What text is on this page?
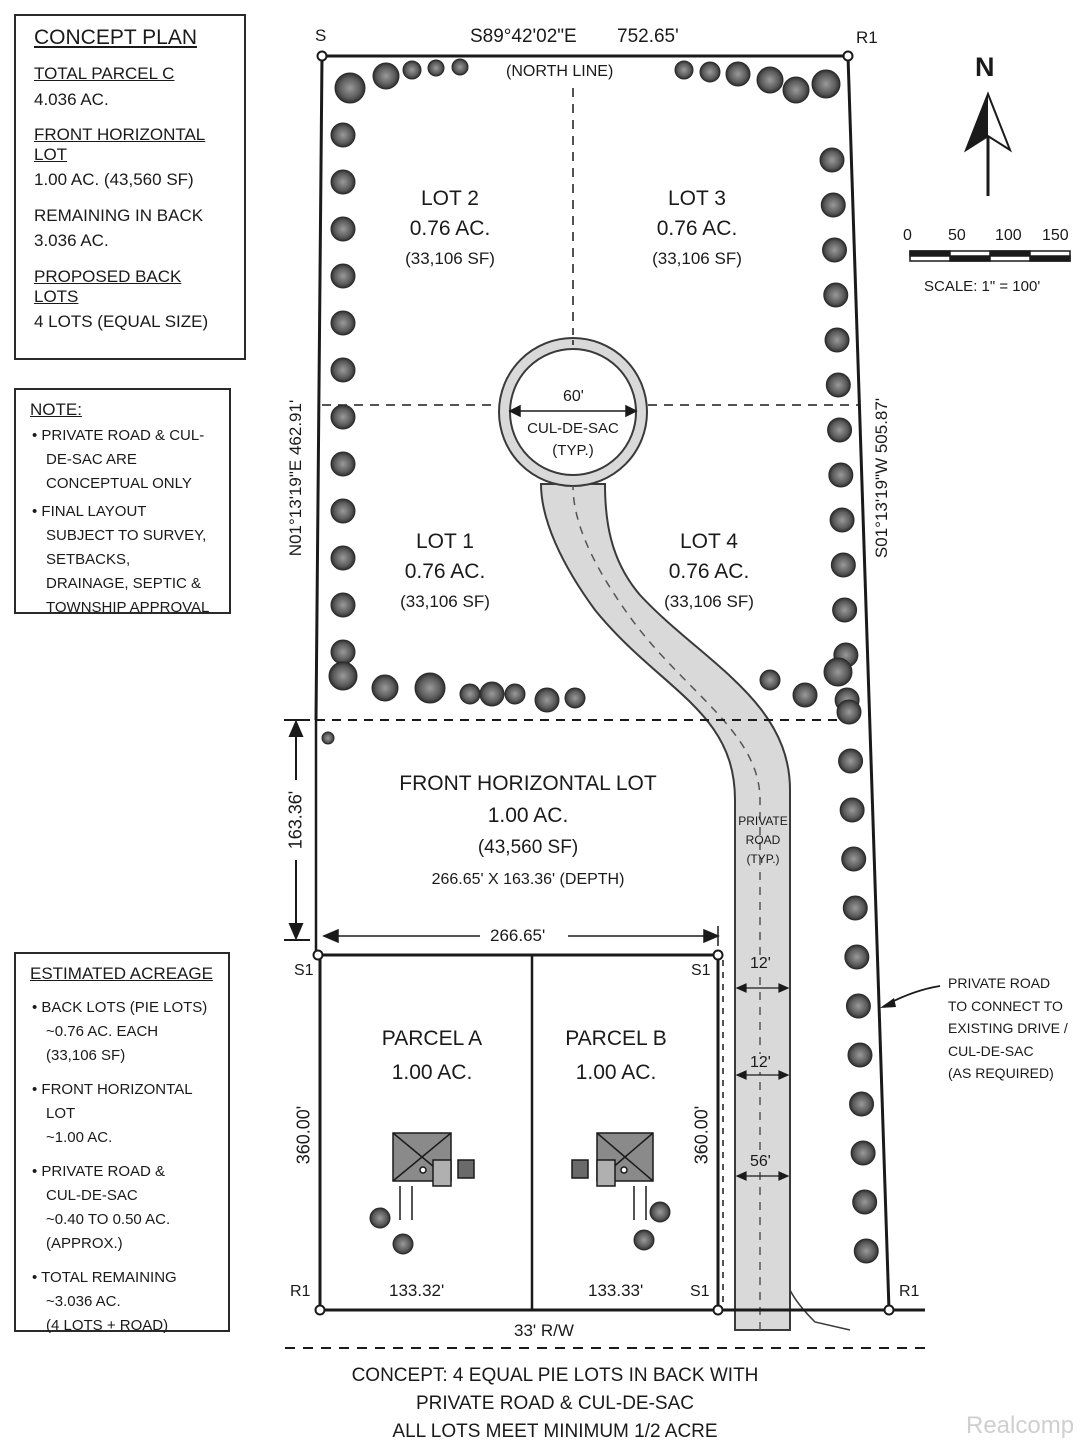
CONCEPT PLAN
TOTAL PARCEL C
4.036 AC.
FRONT HORIZONTAL LOT
1.00 AC. (43,560 SF)
REMAINING IN BACK
3.036 AC.
PROPOSED BACK LOTS
4 LOTS (EQUAL SIZE)
NOTE:
• PRIVATE ROAD & CUL-DE-SAC ARE CONCEPTUAL ONLY
• FINAL LAYOUT SUBJECT TO SURVEY, SETBACKS, DRAINAGE, SEPTIC & TOWNSHIP APPROVAL
ESTIMATED ACREAGE
• BACK LOTS (PIE LOTS)
~0.76 AC. EACH
(33,106 SF)
• FRONT HORIZONTAL LOT
~1.00 AC.
• PRIVATE ROAD &
CUL-DE-SAC
~0.40 TO 0.50 AC.
(APPROX.)
• TOTAL REMAINING
~3.036 AC.
(4 LOTS + ROAD)
S	R1
S89°42'02"E 752.65'
(NORTH LINE)
N01°13'19"E 462.91'	S01°13'19"W 505.87'
LOT 2
0.76 AC.
(33,106 SF)
LOT 3
0.76 AC.
(33,106 SF)
LOT 1
0.76 AC.
(33,106 SF)
LOT 4
0.76 AC.
(33,106 SF)
60'
CUL-DE-SAC
(TYP.)
FRONT HORIZONTAL LOT
1.00 AC.
(43,560 SF)
266.65' X 163.36' (DEPTH)
163.36'
266.65'
PRIVATE
ROAD
(TYP.)
12'
12'
56'
S1	S1
R1	S1	R1
PARCEL A
1.00 AC.
PARCEL B
1.00 AC.
133.32'	133.33'
360.00'	360.00'
33' R/W
PRIVATE ROAD
TO CONNECT TO
EXISTING DRIVE /
CUL-DE-SAC
(AS REQUIRED)
N
0 50 100 150
SCALE: 1" = 100'
CONCEPT: 4 EQUAL PIE LOTS IN BACK WITH
PRIVATE ROAD & CUL-DE-SAC
ALL LOTS MEET MINIMUM 1/2 ACRE	Realcomp
